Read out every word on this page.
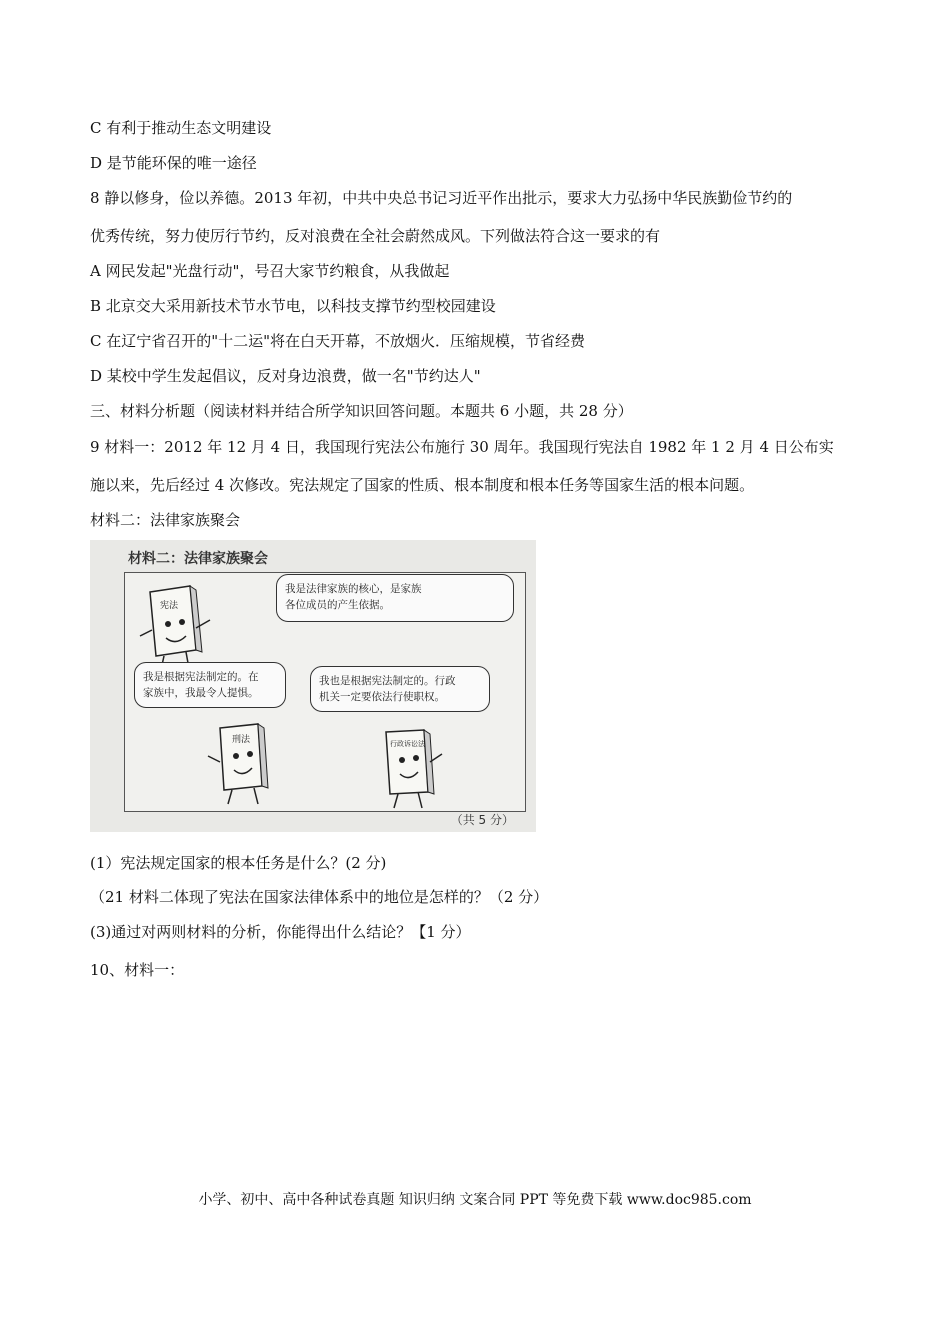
C 有利于推动生态文明建设
D 是节能环保的唯一途径
8 静以修身，俭以养德。2013 年初，中共中央总书记习近平作出批示，要求大力弘扬中华民族勤俭节约的
优秀传统，努力使厉行节约，反对浪费在全社会蔚然成风。下列做法符合这一要求的有
A 网民发起"光盘行动"，号召大家节约粮食，从我做起
B 北京交大采用新技术节水节电，以科技支撑节约型校园建设
C 在辽宁省召开的"十二运"将在白天开幕，不放烟火．压缩规模，节省经费
D 某校中学生发起倡议，反对身边浪费，做一名"节约达人"
三、材料分析题（阅读材料并结合所学知识回答问题。本题共 6 小题，共 28 分）
9 材料一：2012 年 12 月 4 日，我国现行宪法公布施行 30 周年。我国现行宪法自 1982 年 1 2 月 4 日公布实
施以来，先后经过 4 次修改。宪法规定了国家的性质、根本制度和根本任务等国家生活的根本问题。
材料二：法律家族聚会
材料二：法律家族聚会
宪法
刑法	行政诉讼法
我是法律家族的核心，是家族
各位成员的产生依据。
我是根据宪法制定的。在
家族中，我最令人提惧。
我也是根据宪法制定的。行政
机关一定要依法行使职权。
（共 5 分）
(1）宪法规定国家的根本任务是什么？(2 分)
（21 材料二体现了宪法在国家法律体系中的地位是怎样的？（2 分）
(3)通过对两则材料的分析，你能得出什么结论？【1 分）
10、材料一：
小学、初中、高中各种试卷真题 知识归纳 文案合同 PPT 等免费下载 www.doc985.com
